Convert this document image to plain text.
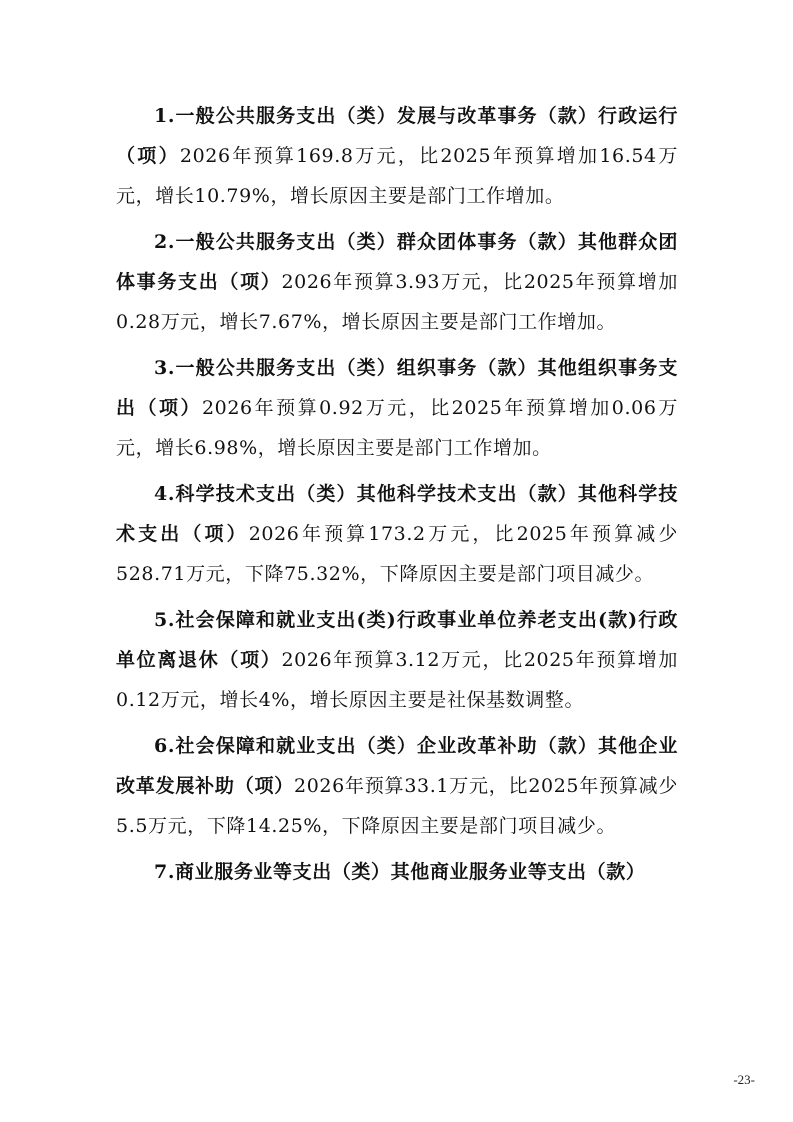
1.一般公共服务支出（类）发展与改革事务（款）行政运行（项）2026年预算169.8万元，比2025年预算增加16.54万元，增长10.79%，增长原因主要是部门工作增加。

2.一般公共服务支出（类）群众团体事务（款）其他群众团体事务支出（项）2026年预算3.93万元，比2025年预算增加0.28万元，增长7.67%，增长原因主要是部门工作增加。

3.一般公共服务支出（类）组织事务（款）其他组织事务支出（项）2026年预算0.92万元，比2025年预算增加0.06万元，增长6.98%，增长原因主要是部门工作增加。

4.科学技术支出（类）其他科学技术支出（款）其他科学技术支出（项）2026年预算173.2万元，比2025年预算减少528.71万元，下降75.32%，下降原因主要是部门项目减少。

5.社会保障和就业支出(类)行政事业单位养老支出(款)行政单位离退休（项）2026年预算3.12万元，比2025年预算增加0.12万元，增长4%，增长原因主要是社保基数调整。

6.社会保障和就业支出（类）企业改革补助（款）其他企业改革发展补助（项）2026年预算33.1万元，比2025年预算减少5.5万元，下降14.25%，下降原因主要是部门项目减少。

7.商业服务业等支出（类）其他商业服务业等支出（款）

-23-
